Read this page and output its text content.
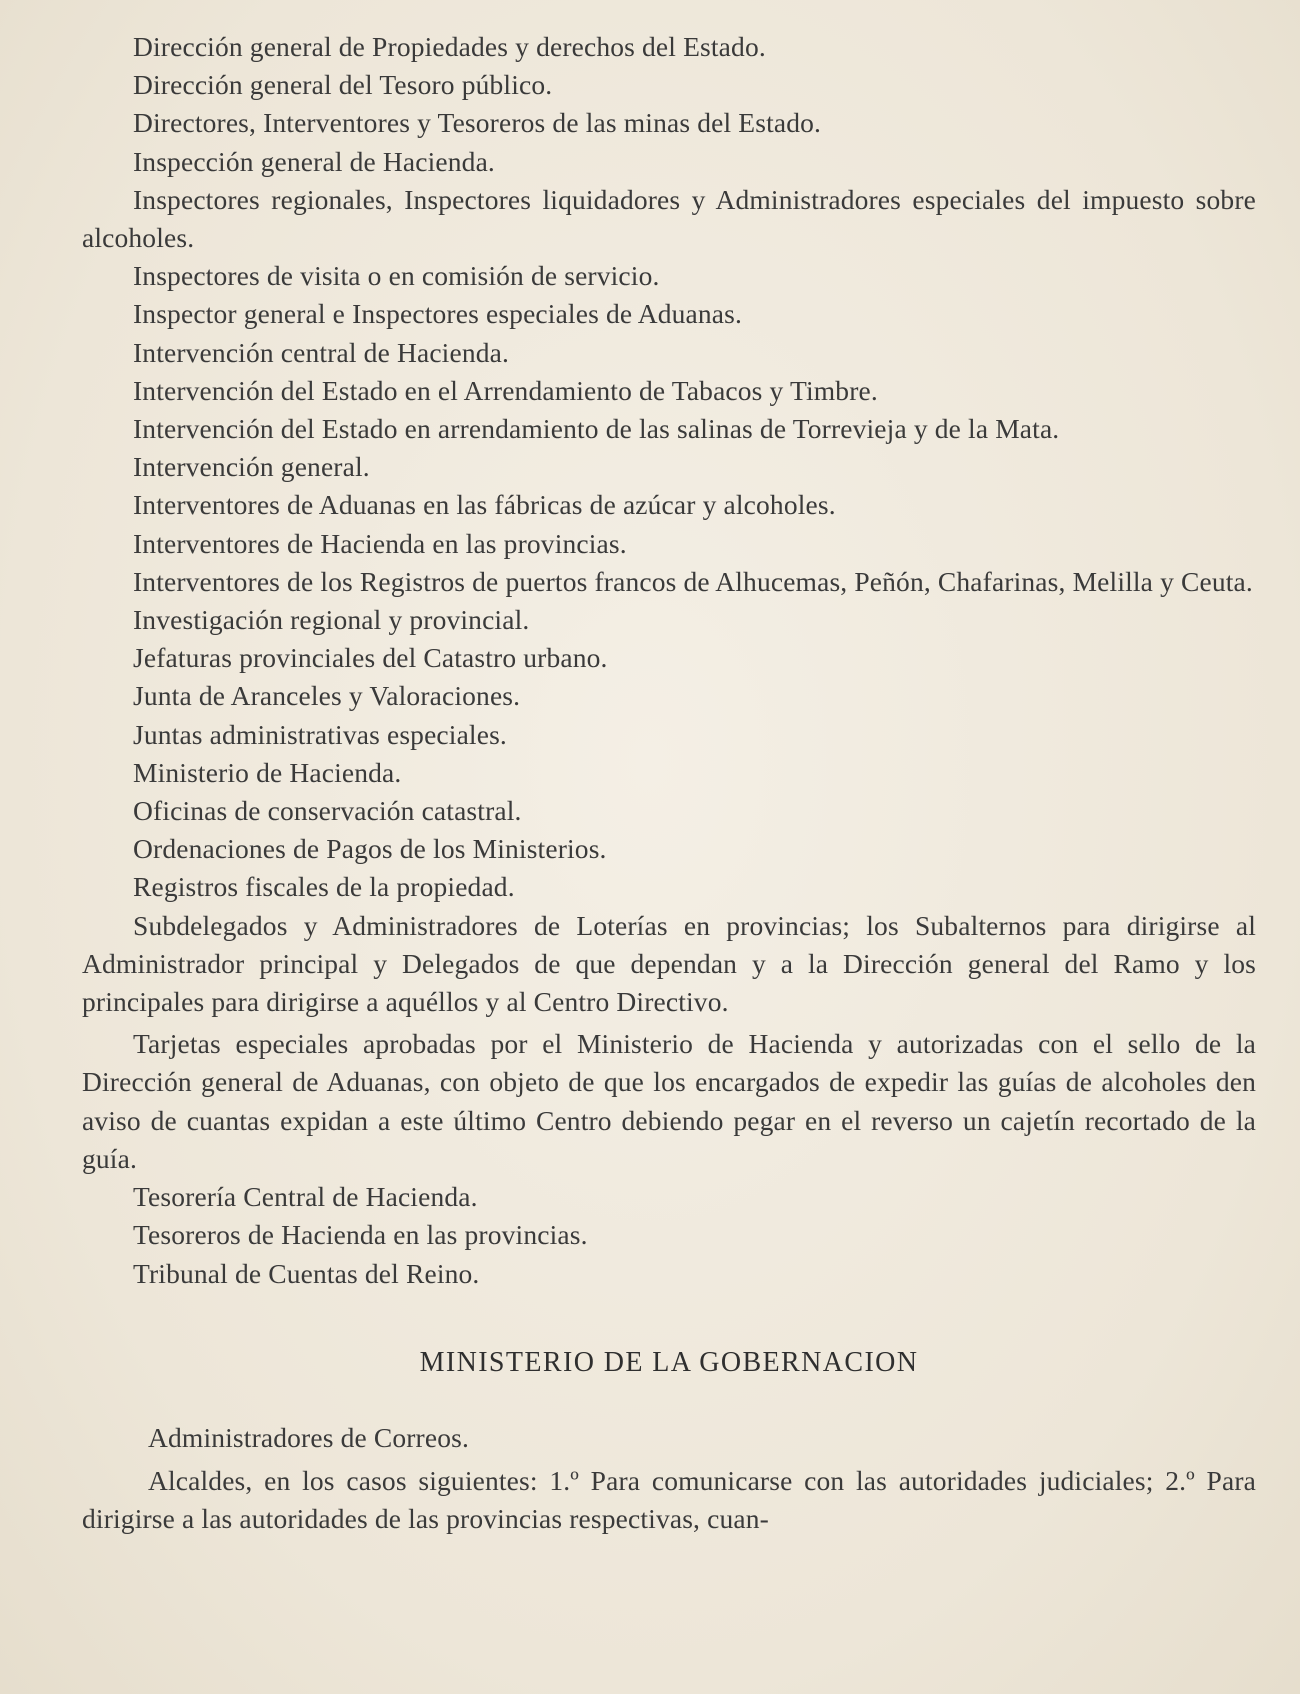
Dirección general de Propiedades y derechos del Estado.

Dirección general del Tesoro público.

Directores, Interventores y Tesoreros de las minas del Estado.

Inspección general de Hacienda.

Inspectores regionales, Inspectores liquidadores y Administradores especiales del impuesto sobre alcoholes.

Inspectores de visita o en comisión de servicio.

Inspector general e Inspectores especiales de Aduanas.

Intervención central de Hacienda.

Intervención del Estado en el Arrendamiento de Tabacos y Timbre.

Intervención del Estado en arrendamiento de las salinas de Torrevieja y de la Mata.

Intervención general.

Interventores de Aduanas en las fábricas de azúcar y alcoholes.

Interventores de Hacienda en las provincias.

Interventores de los Registros de puertos francos de Alhucemas, Peñón, Chafarinas, Melilla y Ceuta.

Investigación regional y provincial.

Jefaturas provinciales del Catastro urbano.

Junta de Aranceles y Valoraciones.

Juntas administrativas especiales.

Ministerio de Hacienda.

Oficinas de conservación catastral.

Ordenaciones de Pagos de los Ministerios.

Registros fiscales de la propiedad.

Subdelegados y Administradores de Loterías en provincias; los Subalternos para dirigirse al Administrador principal y Delegados de que dependan y a la Dirección general del Ramo y los principales para dirigirse a aquéllos y al Centro Directivo.

Tarjetas especiales aprobadas por el Ministerio de Hacienda y autorizadas con el sello de la Dirección general de Aduanas, con objeto de que los encargados de expedir las guías de alcoholes den aviso de cuantas expidan a este último Centro debiendo pegar en el reverso un cajetín recortado de la guía.

Tesorería Central de Hacienda.

Tesoreros de Hacienda en las provincias.

Tribunal de Cuentas del Reino.

MINISTERIO DE LA GOBERNACION

Administradores de Correos.

Alcaldes, en los casos siguientes: 1.º Para comunicarse con las autoridades judiciales; 2.º Para dirigirse a las autoridades de las provincias respectivas, cuan-
